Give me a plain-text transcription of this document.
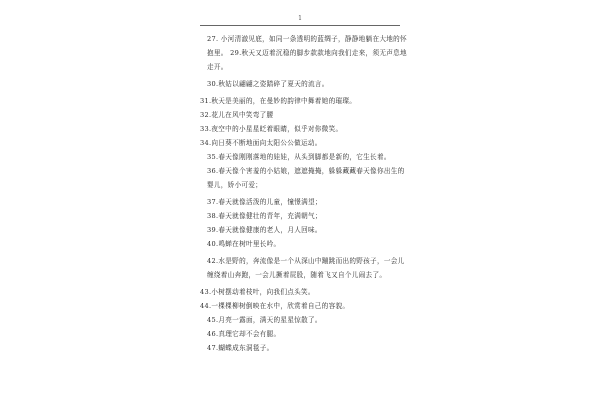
1

27. 小河清澈见底，如同一条透明的蓝绸子，静静地躺在大地的怀抱里。 29.秋天又迈着沉稳的脚步款款地向我们走来，须无声息地走开。

30.秋姑以翩翩之姿踏碎了夏天的流言。

31.秋天是美丽的，在曼妙的韵律中舞着她的璀璨。

32.花儿在风中笑弯了腰

33.夜空中的小星星眨着眼睛，似乎对你微笑。

34.向日葵不断地面向太阳公公做运动。

35.春天像刚刚落地的娃娃，从头到脚都是新的，它生长着。

36.春天像个害羞的小姑娘，遮遮掩掩，躲躲藏藏春天像你出生的婴儿，娇小可爱；

37.春天就像活泼的儿童，憧憬满望；

38.春天就像健壮的青年，充满朝气；

39.春天就像健康的老人，月人回味。

40.鸣蝉在树叶里长吟。

42.水是野的，奔流像是一个从深山中蹦跳而出的野孩子，一会儿缠绕着山奔跑，一会儿撅着屁股，随着飞又自个儿闹去了。

43.小树摆动着枝叶，向我们点头笑。

44.一棵棵柳树倒映在水中，欣赏着自己的容貌。

45.月亮一露面，满天的星星惊散了。

46.真理它却不会有腿。

47.蝴蝶成东洞毯子。
